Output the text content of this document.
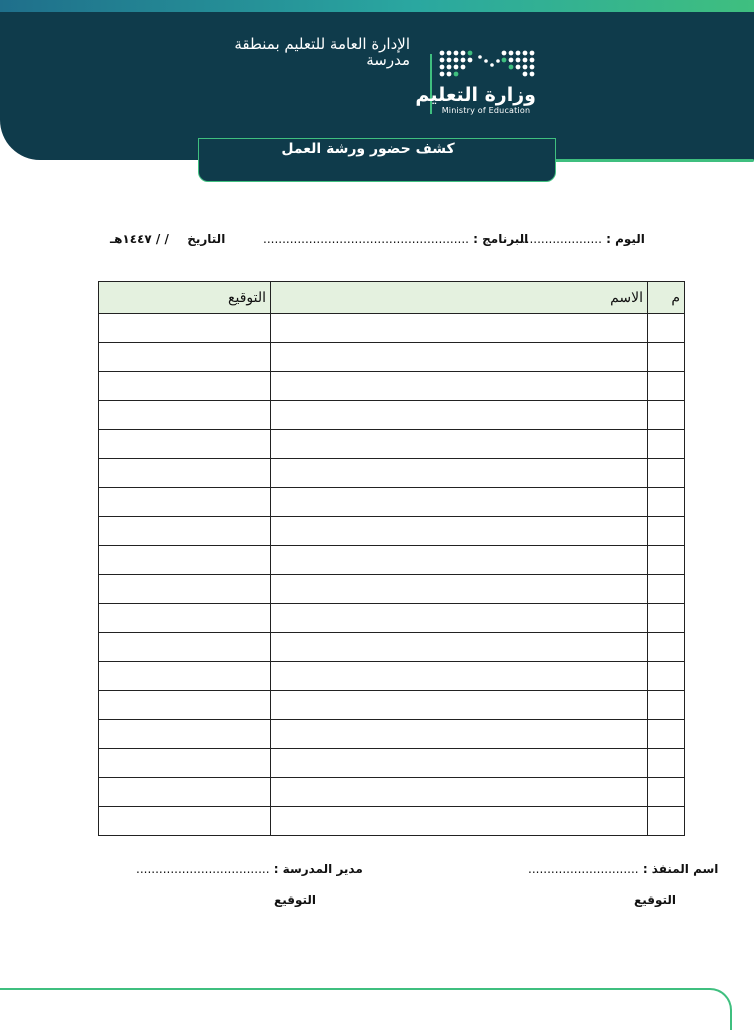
وزارة التعليم
Ministry of Education
الإدارة العامة للتعليم بمنطقة
مدرسة
كشف حضور ورشة العمل
اليوم : ......................
البرنامج : ......................................................
التاريخ  / / ١٤٤٧هـ
م	الاسم	التوقيع

اسم المنفذ : .............................
مدير المدرسة : ...................................
التوقيع
التوقيع
